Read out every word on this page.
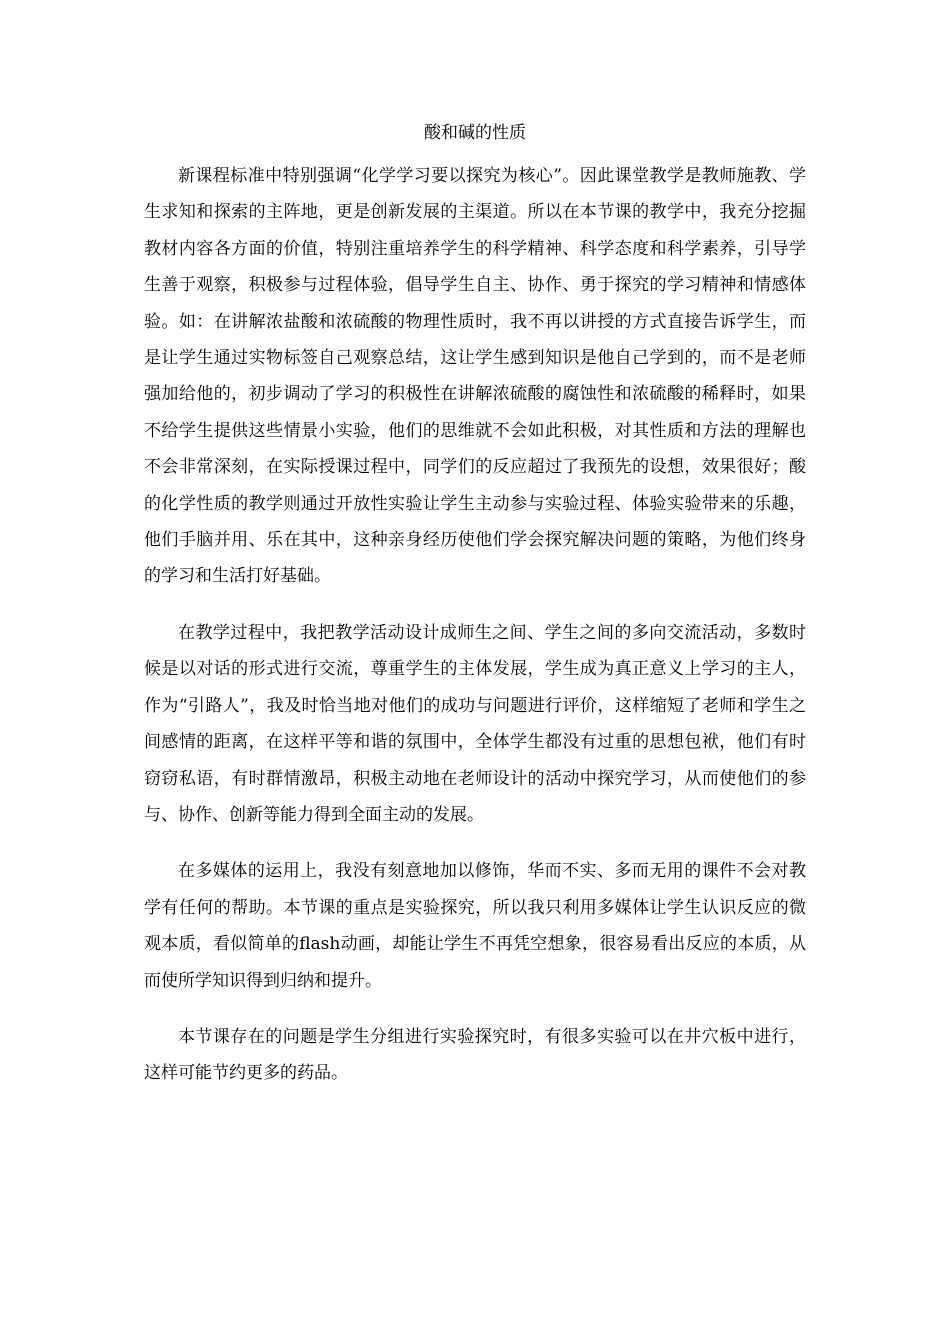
酸和碱的性质

新课程标准中特别强调“化学学习要以探究为核心”。因此课堂教学是教师施教、学生求知和探索的主阵地，更是创新发展的主渠道。所以在本节课的教学中，我充分挖掘教材内容各方面的价值，特别注重培养学生的科学精神、科学态度和科学素养，引导学生善于观察，积极参与过程体验，倡导学生自主、协作、勇于探究的学习精神和情感体验。如：在讲解浓盐酸和浓硫酸的物理性质时，我不再以讲授的方式直接告诉学生，而是让学生通过实物标签自己观察总结，这让学生感到知识是他自己学到的，而不是老师强加给他的，初步调动了学习的积极性在讲解浓硫酸的腐蚀性和浓硫酸的稀释时，如果不给学生提供这些情景小实验，他们的思维就不会如此积极，对其性质和方法的理解也不会非常深刻，在实际授课过程中，同学们的反应超过了我预先的设想，效果很好；酸的化学性质的教学则通过开放性实验让学生主动参与实验过程、体验实验带来的乐趣，他们手脑并用、乐在其中，这种亲身经历使他们学会探究解决问题的策略，为他们终身的学习和生活打好基础。

在教学过程中，我把教学活动设计成师生之间、学生之间的多向交流活动，多数时候是以对话的形式进行交流，尊重学生的主体发展，学生成为真正意义上学习的主人，作为“引路人”，我及时恰当地对他们的成功与问题进行评价，这样缩短了老师和学生之间感情的距离，在这样平等和谐的氛围中，全体学生都没有过重的思想包袱，他们有时窃窃私语，有时群情激昂，积极主动地在老师设计的活动中探究学习，从而使他们的参与、协作、创新等能力得到全面主动的发展。

在多媒体的运用上，我没有刻意地加以修饰，华而不实、多而无用的课件不会对教学有任何的帮助。本节课的重点是实验探究，所以我只利用多媒体让学生认识反应的微观本质，看似简单的flash动画，却能让学生不再凭空想象，很容易看出反应的本质，从而使所学知识得到归纳和提升。

本节课存在的问题是学生分组进行实验探究时，有很多实验可以在井穴板中进行，这样可能节约更多的药品。
